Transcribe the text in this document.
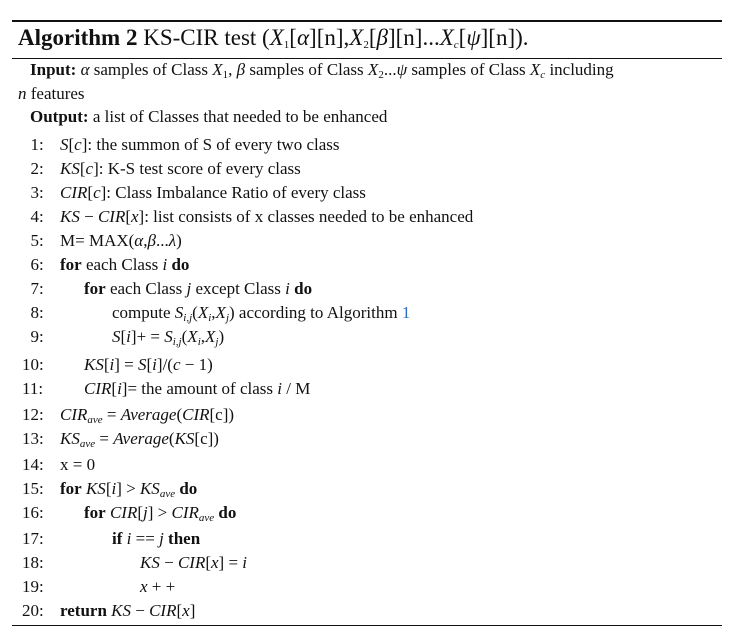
Algorithm 2 KS-CIR test $(X_1[\alpha][n],X_2[\beta][n]...X_c[\psi][n])$.
Input: α samples of Class $X_1$, β samples of Class $X_2...\psi$ samples of Class $X_c$ including
n features
Output: a list of Classes that needed to be enhanced
1: S[c]: the summon of S of every two class
2: KS[c]: K-S test score of every class
3: CIR[c]: Class Imbalance Ratio of every class
4: KS − CIR[x]: list consists of x classes needed to be enhanced
5: M= MAX(α,β...λ)
6: for each Class i do
7: for each Class j except Class i do
8:	compute $S_{i,j}(X_i,X_j)$ according to Algorithm 1
9:	$S[i]+ = S_{i,j}(X_i,X_j)$
10: KS[i] = S[i]/(c − 1)
11: CIR[i]= the amount of class i / M
12: $CIR_{ave}$ = Average(CIR[c])
13: $KS_{ave}$ = Average(KS[c])
14: x = 0
15: for $KS[i] > KS_{ave}$ do
16: for $CIR[j] > CIR_{ave}$ do
17:	if i == j then
18:	KS − CIR[x] = i
19:	x + +
20: return KS − CIR[x]
